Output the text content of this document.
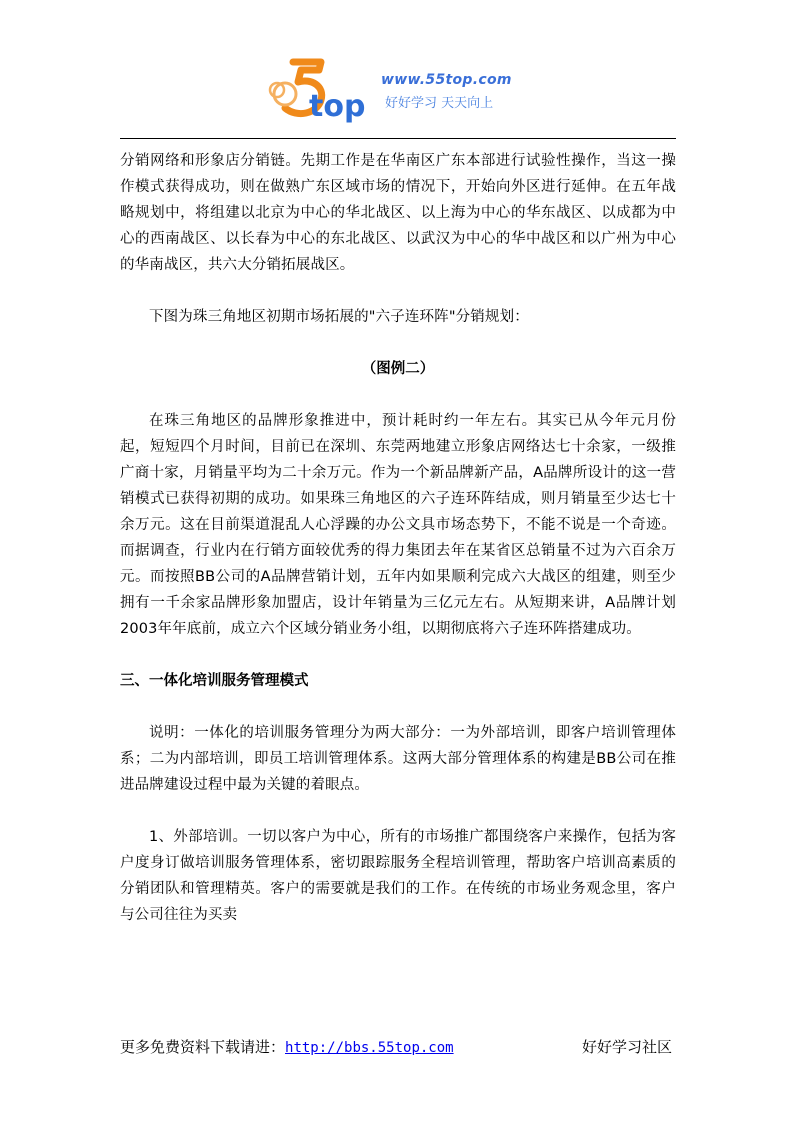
top
www.55top.com
好好学习 天天向上

分销网络和形象店分销链。先期工作是在华南区广东本部进行试验性操作，当这一操作模式获得成功，则在做熟广东区域市场的情况下，开始向外区进行延伸。在五年战略规划中，将组建以北京为中心的华北战区、以上海为中心的华东战区、以成都为中心的西南战区、以长春为中心的东北战区、以武汉为中心的华中战区和以广州为中心的华南战区，共六大分销拓展战区。

下图为珠三角地区初期市场拓展的"六子连环阵"分销规划：

（图例二）

在珠三角地区的品牌形象推进中，预计耗时约一年左右。其实已从今年元月份起，短短四个月时间，目前已在深圳、东莞两地建立形象店网络达七十余家，一级推广商十家，月销量平均为二十余万元。作为一个新品牌新产品，A品牌所设计的这一营销模式已获得初期的成功。如果珠三角地区的六子连环阵结成，则月销量至少达七十余万元。这在目前渠道混乱人心浮躁的办公文具市场态势下，不能不说是一个奇迹。而据调查，行业内在行销方面较优秀的得力集团去年在某省区总销量不过为六百余万元。而按照BB公司的A品牌营销计划，五年内如果顺利完成六大战区的组建，则至少拥有一千余家品牌形象加盟店，设计年销量为三亿元左右。从短期来讲，A品牌计划2003年年底前，成立六个区域分销业务小组，以期彻底将六子连环阵搭建成功。

三、一体化培训服务管理模式

说明：一体化的培训服务管理分为两大部分：一为外部培训，即客户培训管理体系；二为内部培训，即员工培训管理体系。这两大部分管理体系的构建是BB公司在推进品牌建设过程中最为关键的着眼点。

1、外部培训。一切以客户为中心，所有的市场推广都围绕客户来操作，包括为客户度身订做培训服务管理体系，密切跟踪服务全程培训管理，帮助客户培训高素质的分销团队和管理精英。客户的需要就是我们的工作。在传统的市场业务观念里，客户与公司往往为买卖

更多免费资料下载请进：http://bbs.55top.com	好好学习社区
